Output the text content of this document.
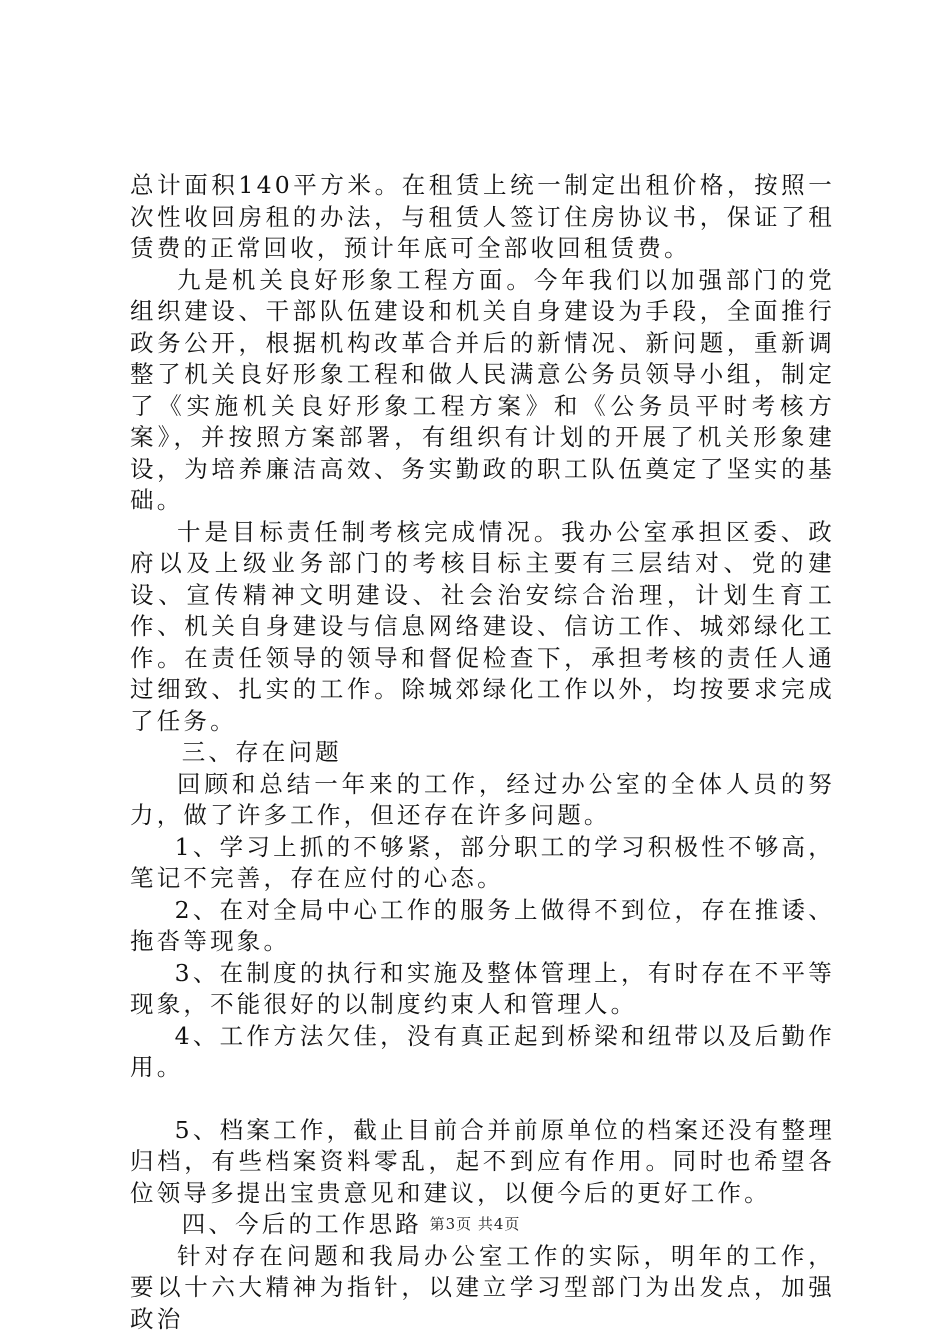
总计面积140平方米。在租赁上统一制定出租价格，按照一次性收回房租的办法，与租赁人签订住房协议书，保证了租赁费的正常回收，预计年底可全部收回租赁费。

九是机关良好形象工程方面。今年我们以加强部门的党组织建设、干部队伍建设和机关自身建设为手段，全面推行政务公开，根据机构改革合并后的新情况、新问题，重新调整了机关良好形象工程和做人民满意公务员领导小组，制定了《实施机关良好形象工程方案》和《公务员平时考核方案》，并按照方案部署，有组织有计划的开展了机关形象建设，为培养廉洁高效、务实勤政的职工队伍奠定了坚实的基础。

十是目标责任制考核完成情况。我办公室承担区委、政府以及上级业务部门的考核目标主要有三层结对、党的建设、宣传精神文明建设、社会治安综合治理，计划生育工作、机关自身建设与信息网络建设、信访工作、城郊绿化工作。在责任领导的领导和督促检查下，承担考核的责任人通过细致、扎实的工作。除城郊绿化工作以外，均按要求完成了任务。

三、存在问题

回顾和总结一年来的工作，经过办公室的全体人员的努力，做了许多工作，但还存在许多问题。

1、学习上抓的不够紧，部分职工的学习积极性不够高，笔记不完善，存在应付的心态。

2、在对全局中心工作的服务上做得不到位，存在推诿、拖沓等现象。

3、在制度的执行和实施及整体管理上，有时存在不平等现象，不能很好的以制度约束人和管理人。

4、工作方法欠佳，没有真正起到桥梁和纽带以及后勤作用。

5、档案工作，截止目前合并前原单位的档案还没有整理归档，有些档案资料零乱，起不到应有作用。同时也希望各位领导多提出宝贵意见和建议，以便今后的更好工作。

四、今后的工作思路

针对存在问题和我局办公室工作的实际，明年的工作，要以十六大精神为指针，以建立学习型部门为出发点，加强政治

第3页 共4页
